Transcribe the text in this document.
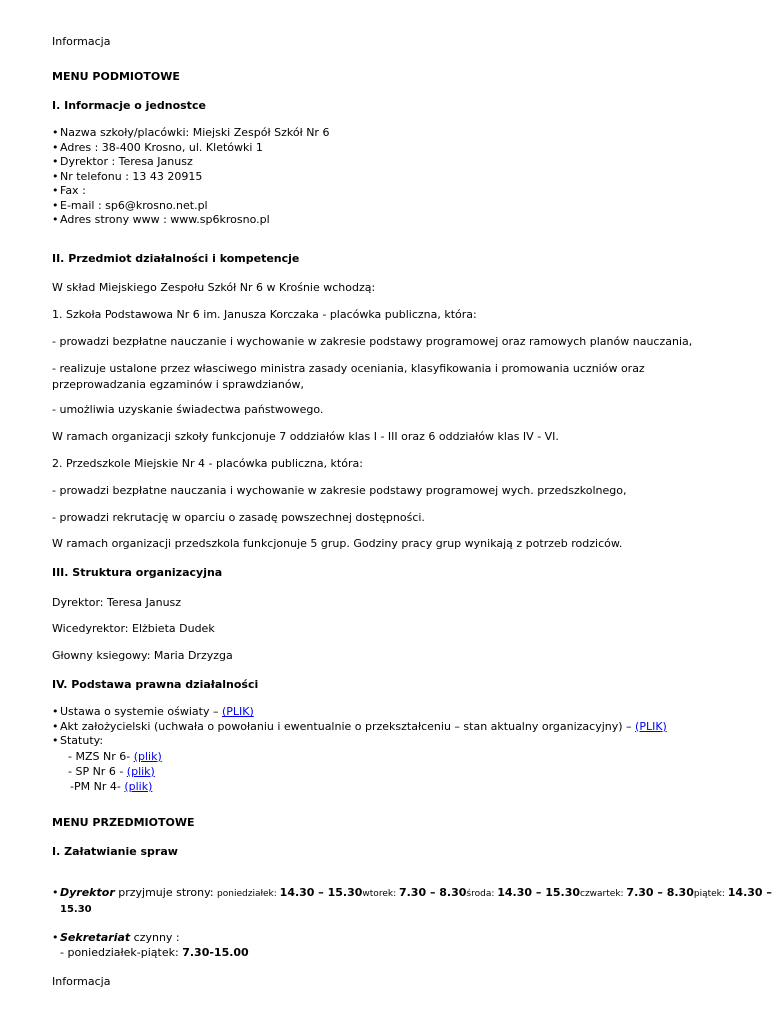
Informacja
MENU PODMIOTOWE
I. Informacje o jednostce
• Nazwa szkoły/placówki: Miejski Zespół Szkół Nr 6
• Adres : 38-400 Krosno, ul. Kletówki 1
• Dyrektor : Teresa Janusz
• Nr telefonu : 13 43 20915
• Fax :
• E-mail : sp6@krosno.net.pl
• Adres strony www : www.sp6krosno.pl
II. Przedmiot działalności i kompetencje
W skład Miejskiego Zespołu Szkół Nr 6 w Krośnie wchodzą:
1. Szkoła Podstawowa Nr 6 im. Janusza Korczaka - placówka publiczna, która:
- prowadzi bezpłatne nauczanie i wychowanie w zakresie podstawy programowej oraz ramowych planów nauczania,
- realizuje ustalone przez własciwego ministra zasady oceniania, klasyfikowania i promowania uczniów oraz przeprowadzania egzaminów i sprawdzianów,
- umożliwia uzyskanie świadectwa państwowego.
W ramach organizacji szkoły funkcjonuje 7 oddziałów klas I - III oraz 6 oddziałów klas IV - VI.
2. Przedszkole Miejskie Nr 4 - placówka publiczna, która:
- prowadzi bezpłatne nauczania i wychowanie w zakresie podstawy programowej wych. przedszkolnego,
- prowadzi rekrutację w oparciu o zasadę powszechnej dostępności.
W ramach organizacji przedszkola funkcjonuje 5 grup. Godziny pracy grup wynikają z potrzeb rodziców.
III. Struktura organizacyjna
Dyrektor: Teresa Janusz
Wicedyrektor: Elżbieta Dudek
Głowny ksiegowy: Maria Drzyzga
IV. Podstawa prawna działalności
• Ustawa o systemie oświaty – (PLIK)
• Akt założycielski (uchwała o powołaniu i ewentualnie o przekształceniu – stan aktualny organizacyjny) – (PLIK)
• Statuty:
- MZS Nr 6- (plik)
- SP Nr 6 - (plik)
-PM Nr 4- (plik)
MENU PRZEDMIOTOWE
I. Załatwianie spraw
• Dyrektor przyjmuje strony: poniedziałek: 14.30 – 15.30wtorek: 7.30 – 8.30środa: 14.30 – 15.30czwartek: 7.30 – 8.30piątek: 14.30 –
15.30
• Sekretariat czynny :
- poniedziałek-piątek: 7.30-15.00
Informacja
